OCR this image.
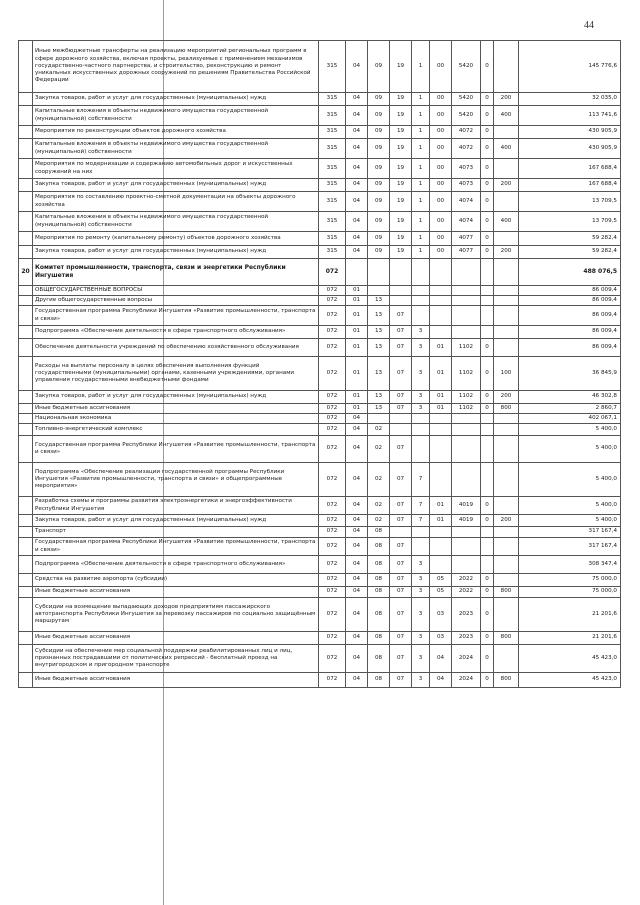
44
	Иные межбюджетные трансферты на реализацию мероприятий региональных программ в сфере дорожного хозяйства, включая проекты, реализуемые с применением механизмов государственно-частного партнерства, и строительство, реконструкцию и ремонт уникальных искусственных дорожных сооружений по решениям Правительства Российской Федерации	315	04	09	19	1	00	5420	0		145 776,6
	Закупка товаров, работ и услуг для государственных (муниципальных) нужд	315	04	09	19	1	00	5420	0	200	32 035,0
	Капитальные вложения в объекты недвижимого имущества государственной (муниципальной) собственности	315	04	09	19	1	00	5420	0	400	113 741,6
	Мероприятия по реконструкции объектов дорожного хозяйства	315	04	09	19	1	00	4072	0		430 905,9
	Капитальные вложения в объекты недвижимого имущества государственной (муниципальной) собственности	315	04	09	19	1	00	4072	0	400	430 905,9
	Мероприятия по модернизации и содержанию автомобильных дорог и искусственных сооружений на них	315	04	09	19	1	00	4073	0		167 688,4
	Закупка товаров, работ и услуг для государственных (муниципальных) нужд	315	04	09	19	1	00	4073	0	200	167 688,4
	Мероприятия по составлению проектно-сметной документации на объекты дорожного хозяйства	315	04	09	19	1	00	4074	0		13 709,5
	Капитальные вложения в объекты недвижимого имущества государственной (муниципальной) собственности	315	04	09	19	1	00	4074	0	400	13 709,5
	Мероприятия по ремонту (капитальному ремонту) объектов дорожного хозяйства	315	04	09	19	1	00	4077	0		59 282,4
	Закупка товаров, работ и услуг для государственных (муниципальных) нужд	315	04	09	19	1	00	4077	0	200	59 282,4
20	Комитет промышленности, транспорта, связи и энергетики Республики Ингушетия	072									488 076,5
	ОБЩЕГОСУДАРСТВЕННЫЕ ВОПРОСЫ	072	01								86 009,4
	Другие общегосударственные вопросы	072	01	13							86 009,4
	Государственная программа Республики Ингушетия «Развитие промышленности, транспорта и связи»	072	01	13	07						86 009,4
	Подпрограмма «Обеспечение деятельности в сфере транспортного обслуживания»	072	01	13	07	3					86 009,4
	Обеспечение деятельности учреждений по обеспечению хозяйственного обслуживания	072	01	13	07	3	01	1102	0		86 009,4
	Расходы на выплаты персоналу в целях обеспечения выполнения функций государственными (муниципальными) органами, казенными учреждениями, органами управления государственными внебюджетными фондами	072	01	13	07	3	01	1102	0	100	36 845,9
	Закупка товаров, работ и услуг для государственных (муниципальных) нужд	072	01	13	07	3	01	1102	0	200	46 302,8
	Иные бюджетные ассигнования	072	01	13	07	3	01	1102	0	800	2 860,7
	Национальная экономика	072	04								402 067,1
	Топливно-энергетический комплекс	072	04	02							5 400,0
	Государственная программа Республики Ингушетия «Развитие промышленности, транспорта и связи»	072	04	02	07						5 400,0
	Подпрограмма «Обеспечение реализации государственной программы Республики Ингушетия «Развитие промышленности, транспорта и связи» и общепрограммные мероприятия»	072	04	02	07	7					5 400,0
	Разработка схемы и программы развития электроэнергетики и энергоэффективности Республики Ингушетия	072	04	02	07	7	01	4019	0		5 400,0
	Закупка товаров, работ и услуг для государственных (муниципальных) нужд	072	04	02	07	7	01	4019	0	200	5 400,0
	Транспорт	072	04	08							317 167,4
	Государственная программа Республики Ингушетия «Развитие промышленности, транспорта и связи»	072	04	08	07						317 167,4
	Подпрограмма «Обеспечение деятельности в сфере транспортного обслуживания»	072	04	08	07	3					308 347,4
	Средства на развитие аэропорта (субсидии)	072	04	08	07	3	05	2022	0		75 000,0
	Иные бюджетные ассигнования	072	04	08	07	3	05	2022	0	800	75 000,0
	Субсидии на возмещение выпадающих доходов предприятиям пассажирского автотранспорта Республики Ингушетия за перевозку пассажиров по социально защищённым маршрутам	072	04	08	07	3	03	2023	0		21 201,6
	Иные бюджетные ассигнования	072	04	08	07	3	03	2023	0	800	21 201,6
	Субсидии на обеспечение мер социальной поддержки реабилитированных лиц и лиц, признанных пострадавшими от политических репрессий - бесплатный проезд на внутригородском и пригородном транспорте	072	04	08	07	3	04	2024	0		45 423,0
	Иные бюджетные ассигнования	072	04	08	07	3	04	2024	0	800	45 423,0
